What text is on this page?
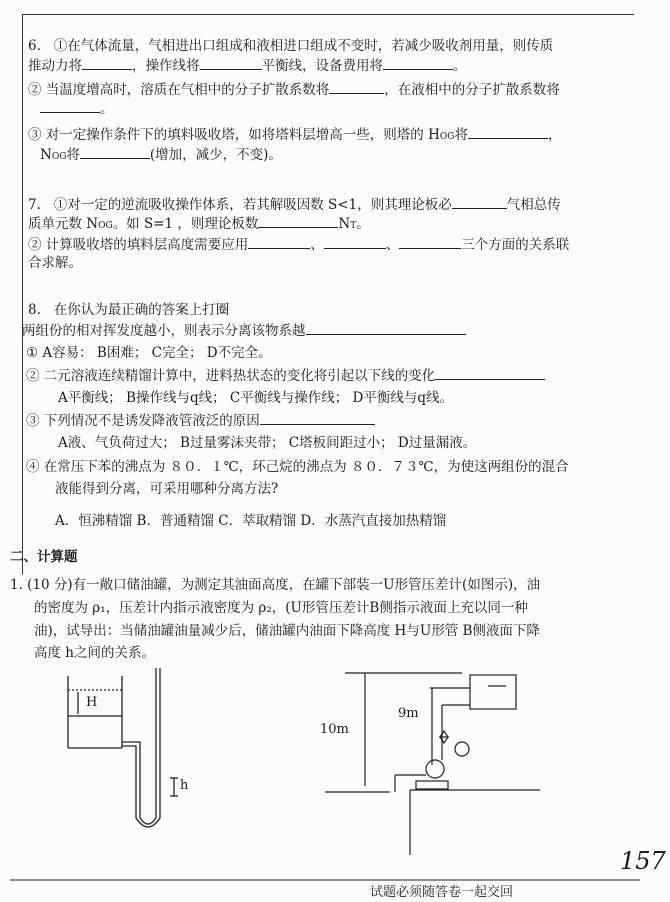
6. ①在气体流量，气相进出口组成和液相进口组成不变时，若减少吸收剂用量，则传质
推动力将	，操作线将	平衡线，设备费用将	。
② 当温度增高时，溶质在气相中的分子扩散系数将	，在液相中的分子扩散系数将
。
③ 对一定操作条件下的填料吸收塔，如将塔料层增高一些，则塔的 HOG将	，
NOG将	(增加，减少，不变)。
7. ①对一定的逆流吸收操作体系，若其解吸因数 S<1，则其理论板必	气相总传
质单元数 NOG。如 S=1 ，则理论板数	NT。
② 计算吸收塔的填料层高度需要应用	、	、	三个方面的关系联
合求解。
8. 在你认为最正确的答案上打圈
两组份的相对挥发度越小，则表示分离该物系越
① A容易： B困难； C完全； D不完全。
② 二元溶液连续精馏计算中，进料热状态的变化将引起以下线的变化
A平衡线； B操作线与q线； C平衡线与操作线； D平衡线与q线。
③ 下列情况不是诱发降液管液泛的原因
A液、气负荷过大； B过量雾沫夹带； C塔板间距过小； D过量漏液。
④ 在常压下苯的沸点为 ８０．１℃，环己烷的沸点为 ８０．７３℃，为使这两组份的混合
液能得到分离，可采用哪种分离方法?
A．恒沸精馏 B．普通精馏 C．萃取精馏 D．水蒸汽直接加热精馏
二、计算题
1. (10 分)有一敞口储油罐，为测定其油面高度，在罐下部装一U形管压差计(如图示)，油
的密度为 ρ₁，压差计内指示液密度为 ρ₂，(U形管压差计B侧指示液面上充以同一种
油)，试导出：当储油罐油量减少后，储油罐内油面下降高度 H与U形管 B侧液面下降
高度 h之间的关系。
H
h
10m
9m
157
试题必须随答卷一起交回
